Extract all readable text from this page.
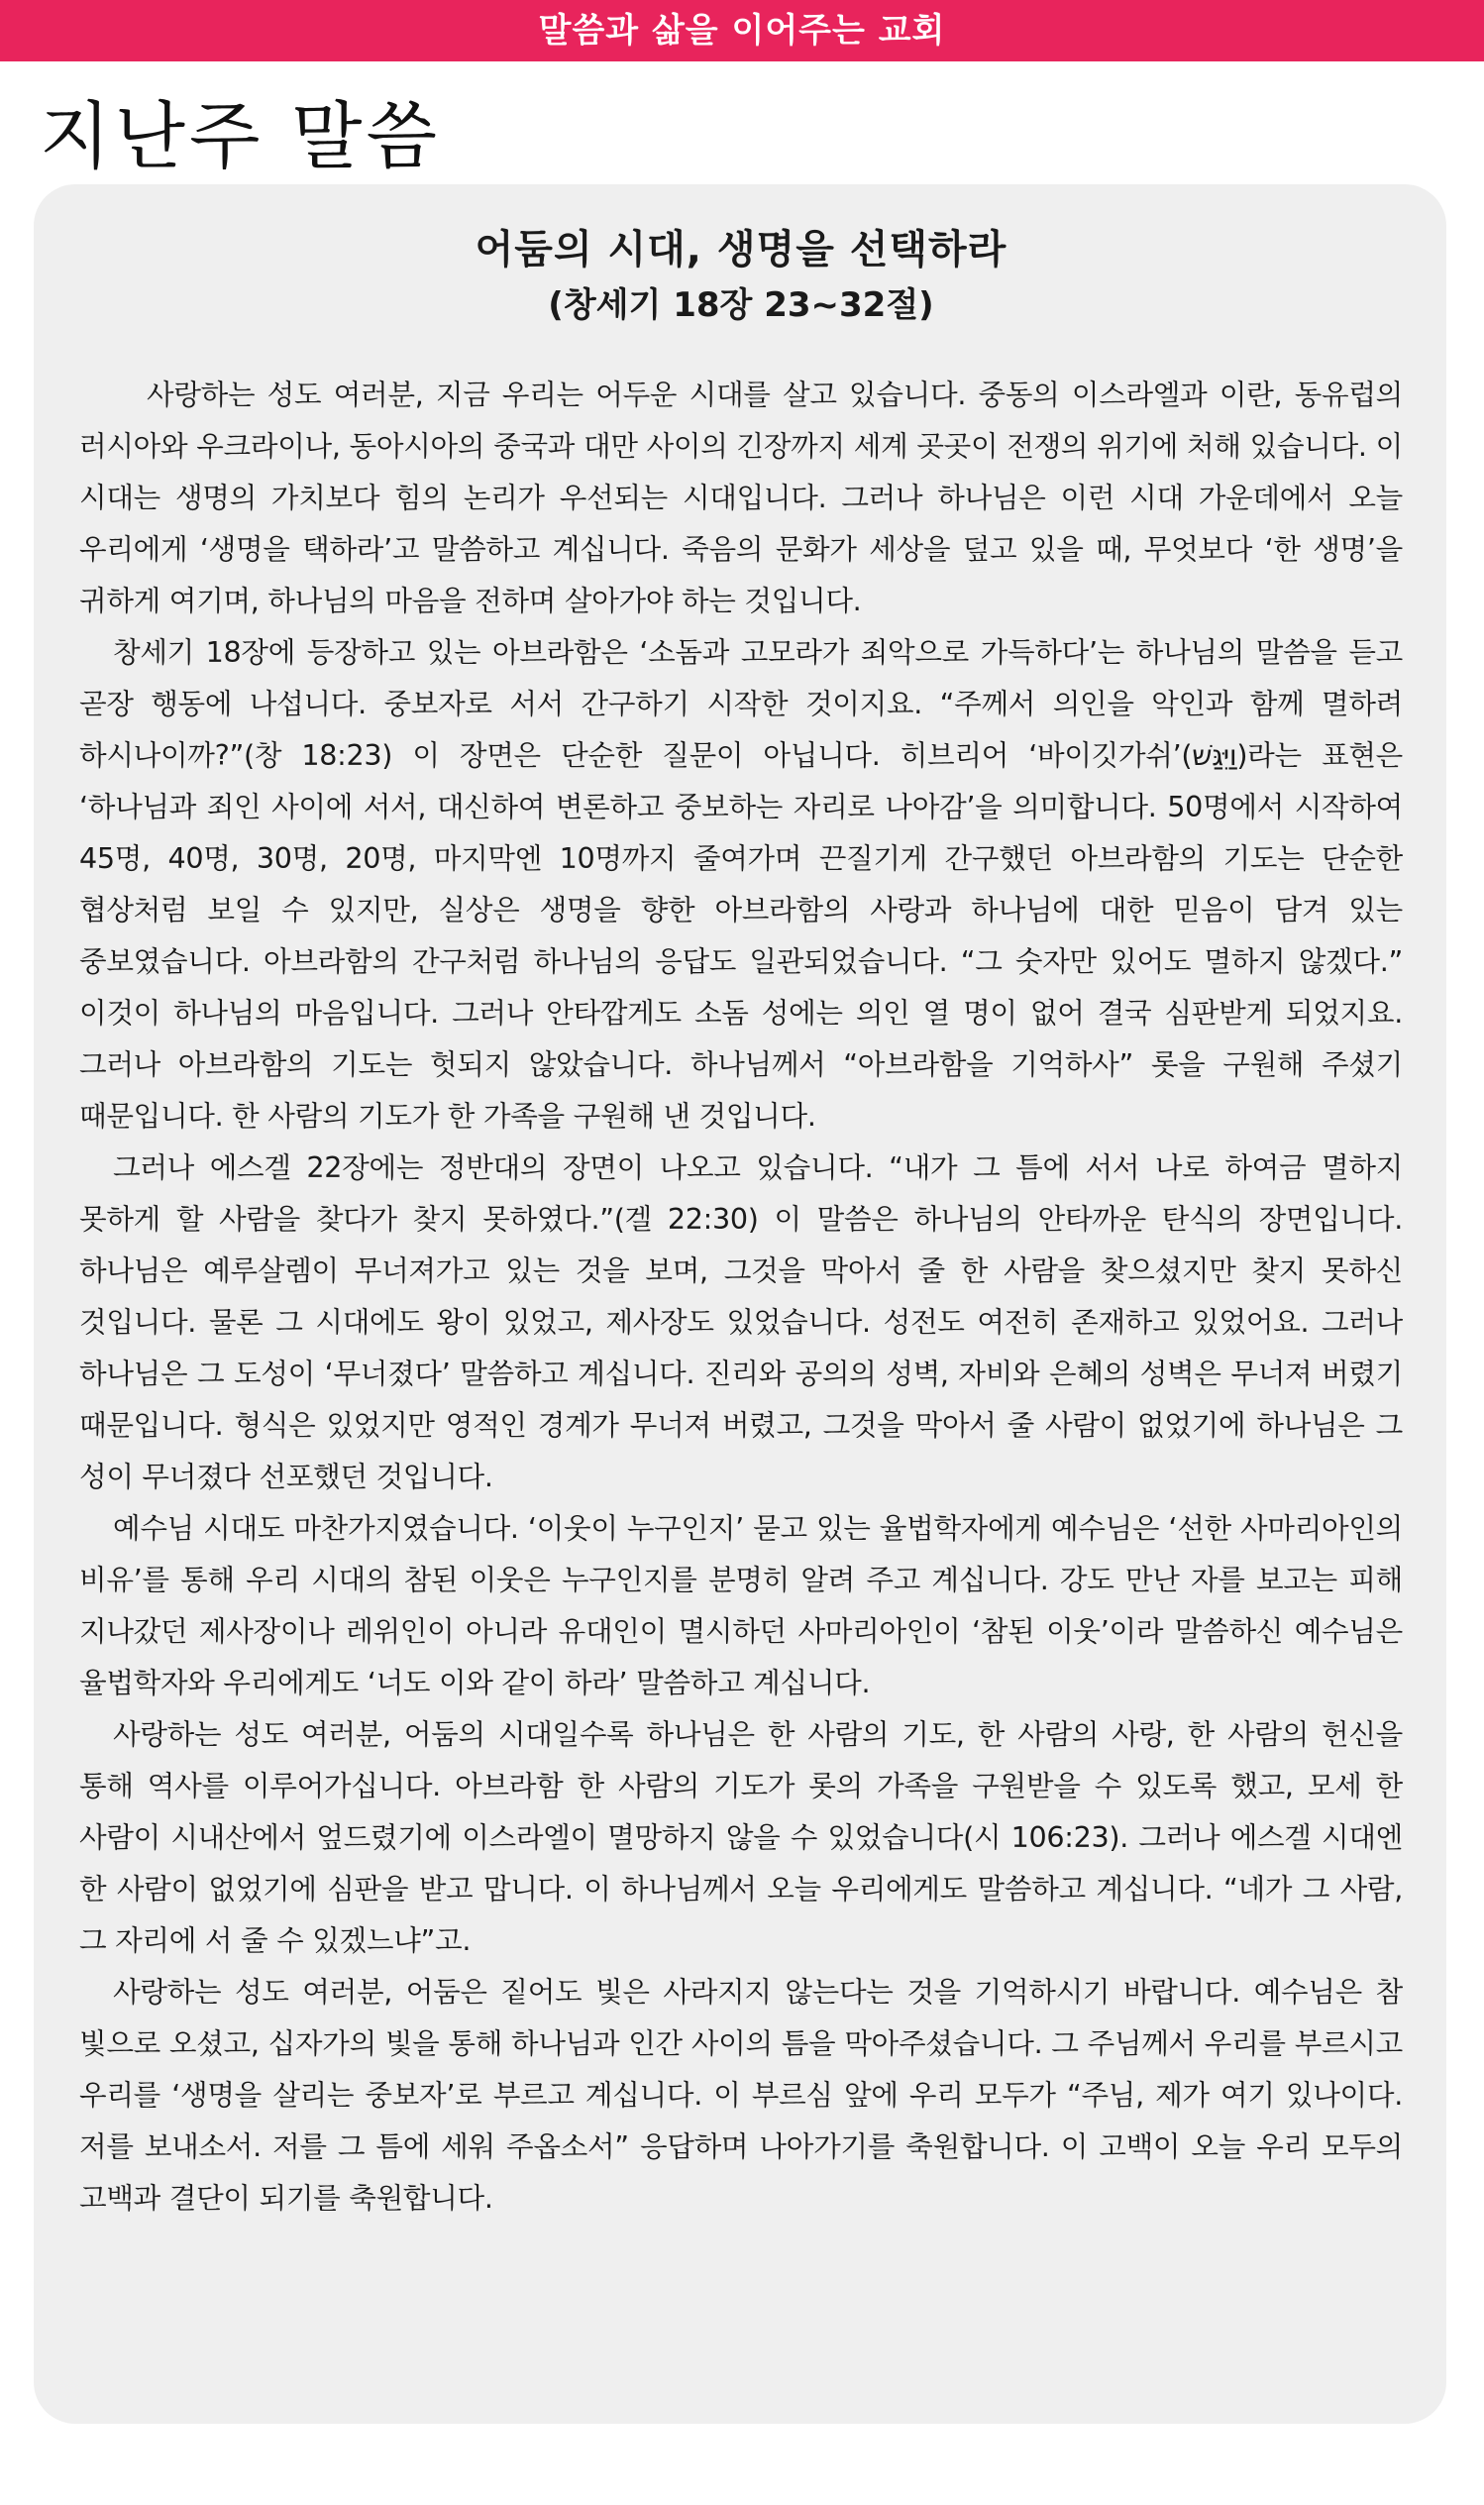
말씀과 삶을 이어주는 교회
지난주 말씀
어둠의 시대, 생명을 선택하라
(창세기 18장 23~32절)

사랑하는 성도 여러분, 지금 우리는 어두운 시대를 살고 있습니다. 중동의 이스라엘과 이란, 동유럽의 러시아와 우크라이나, 동아시아의 중국과 대만 사이의 긴장까지 세계 곳곳이 전쟁의 위기에 처해 있습니다. 이 시대는 생명의 가치보다 힘의 논리가 우선되는 시대입니다. 그러나 하나님은 이런 시대 가운데에서 오늘 우리에게 ‘생명을 택하라’고 말씀하고 계십니다. 죽음의 문화가 세상을 덮고 있을 때, 무엇보다 ‘한 생명’을 귀하게 여기며, 하나님의 마음을 전하며 살아가야 하는 것입니다.

창세기 18장에 등장하고 있는 아브라함은 ‘소돔과 고모라가 죄악으로 가득하다’는 하나님의 말씀을 듣고 곧장 행동에 나섭니다. 중보자로 서서 간구하기 시작한 것이지요. “주께서 의인을 악인과 함께 멸하려 하시나이까?”(창 18:23) 이 장면은 단순한 질문이 아닙니다. 히브리어 ‘바이깃가쉬’(וַיִּגַּשׁ)라는 표현은 ‘하나님과 죄인 사이에 서서, 대신하여 변론하고 중보하는 자리로 나아감’을 의미합니다. 50명에서 시작하여 45명, 40명, 30명, 20명, 마지막엔 10명까지 줄여가며 끈질기게 간구했던 아브라함의 기도는 단순한 협상처럼 보일 수 있지만, 실상은 생명을 향한 아브라함의 사랑과 하나님에 대한 믿음이 담겨 있는 중보였습니다. 아브라함의 간구처럼 하나님의 응답도 일관되었습니다. “그 숫자만 있어도 멸하지 않겠다.” 이것이 하나님의 마음입니다. 그러나 안타깝게도 소돔 성에는 의인 열 명이 없어 결국 심판받게 되었지요. 그러나 아브라함의 기도는 헛되지 않았습니다. 하나님께서 “아브라함을 기억하사” 롯을 구원해 주셨기 때문입니다. 한 사람의 기도가 한 가족을 구원해 낸 것입니다.

그러나 에스겔 22장에는 정반대의 장면이 나오고 있습니다. “내가 그 틈에 서서 나로 하여금 멸하지 못하게 할 사람을 찾다가 찾지 못하였다.”(겔 22:30) 이 말씀은 하나님의 안타까운 탄식의 장면입니다. 하나님은 예루살렘이 무너져가고 있는 것을 보며, 그것을 막아서 줄 한 사람을 찾으셨지만 찾지 못하신 것입니다. 물론 그 시대에도 왕이 있었고, 제사장도 있었습니다. 성전도 여전히 존재하고 있었어요. 그러나 하나님은 그 도성이 ‘무너졌다’ 말씀하고 계십니다. 진리와 공의의 성벽, 자비와 은혜의 성벽은 무너져 버렸기 때문입니다. 형식은 있었지만 영적인 경계가 무너져 버렸고, 그것을 막아서 줄 사람이 없었기에 하나님은 그 성이 무너졌다 선포했던 것입니다.

예수님 시대도 마찬가지였습니다. ‘이웃이 누구인지’ 묻고 있는 율법학자에게 예수님은 ‘선한 사마리아인의 비유’를 통해 우리 시대의 참된 이웃은 누구인지를 분명히 알려 주고 계십니다. 강도 만난 자를 보고는 피해 지나갔던 제사장이나 레위인이 아니라 유대인이 멸시하던 사마리아인이 ‘참된 이웃’이라 말씀하신 예수님은 율법학자와 우리에게도 ‘너도 이와 같이 하라’ 말씀하고 계십니다.

사랑하는 성도 여러분, 어둠의 시대일수록 하나님은 한 사람의 기도, 한 사람의 사랑, 한 사람의 헌신을 통해 역사를 이루어가십니다. 아브라함 한 사람의 기도가 롯의 가족을 구원받을 수 있도록 했고, 모세 한 사람이 시내산에서 엎드렸기에 이스라엘이 멸망하지 않을 수 있었습니다(시 106:23). 그러나 에스겔 시대엔 한 사람이 없었기에 심판을 받고 맙니다. 이 하나님께서 오늘 우리에게도 말씀하고 계십니다. “네가 그 사람, 그 자리에 서 줄 수 있겠느냐”고.

사랑하는 성도 여러분, 어둠은 짙어도 빛은 사라지지 않는다는 것을 기억하시기 바랍니다. 예수님은 참 빛으로 오셨고, 십자가의 빛을 통해 하나님과 인간 사이의 틈을 막아주셨습니다. 그 주님께서 우리를 부르시고 우리를 ‘생명을 살리는 중보자’로 부르고 계십니다. 이 부르심 앞에 우리 모두가 “주님, 제가 여기 있나이다. 저를 보내소서. 저를 그 틈에 세워 주옵소서” 응답하며 나아가기를 축원합니다. 이 고백이 오늘 우리 모두의 고백과 결단이 되기를 축원합니다.
